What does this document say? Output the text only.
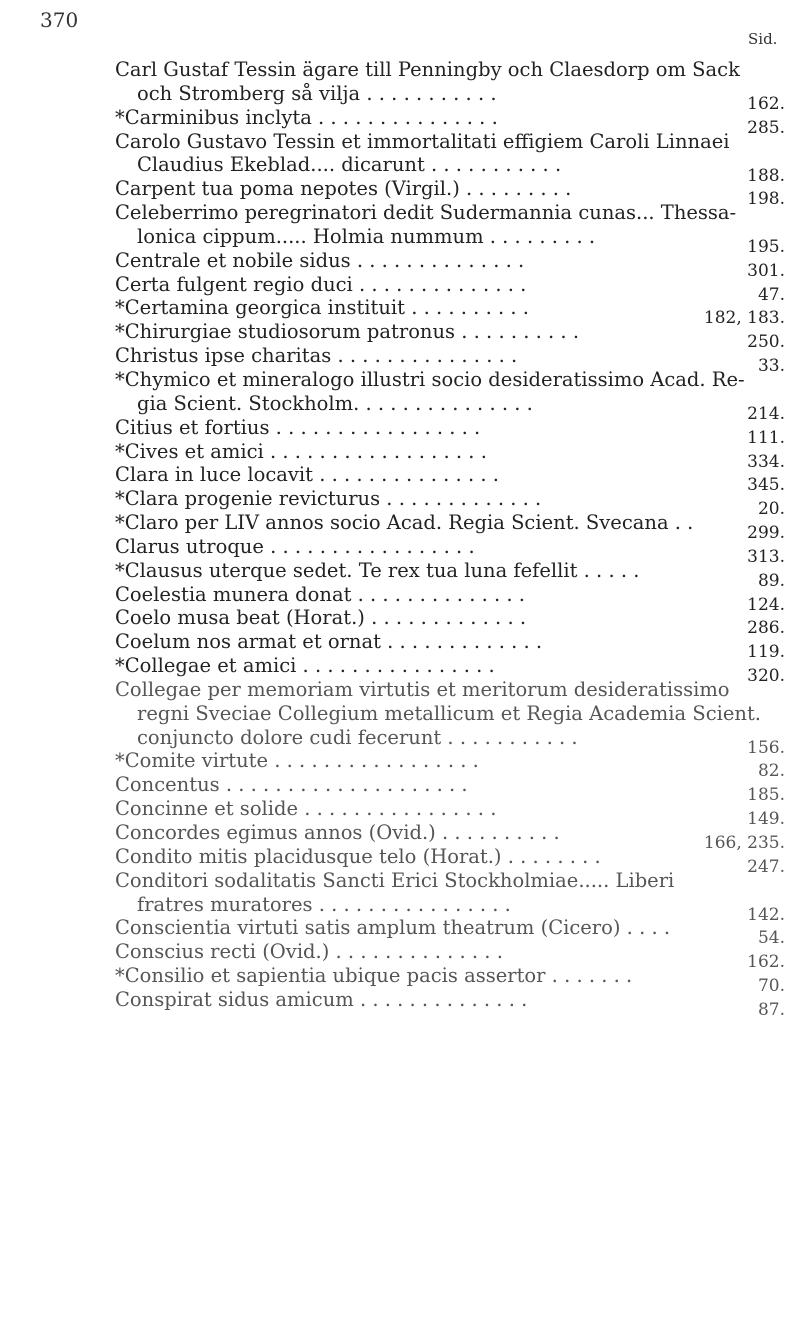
370
Sid.
Carl Gustaf Tessin ägare till Penningby och Claesdorp om Sack
och Stromberg så vilja . . . . . . . . . . .	162.
*Carminibus inclyta . . . . . . . . . . . . . . .	285.
Carolo Gustavo Tessin et immortalitati effigiem Caroli Linnaei
Claudius Ekeblad.... dicarunt . . . . . . . . . . .	188.
Carpent tua poma nepotes (Virgil.) . . . . . . . . .	198.
Celeberrimo peregrinatori dedit Sudermannia cunas... Thessa-
lonica cippum..... Holmia nummum . . . . . . . . .	195.
Centrale et nobile sidus . . . . . . . . . . . . . .	301.
Certa fulgent regio duci . . . . . . . . . . . . . .	47.
*Certamina georgica instituit . . . . . . . . . .	182, 183.
*Chirurgiae studiosorum patronus . . . . . . . . . .	250.
Christus ipse charitas . . . . . . . . . . . . . . .	33.
*Chymico et mineralogo illustri socio desideratissimo Acad. Re-
gia Scient. Stockholm. . . . . . . . . . . . . . .	214.
Citius et fortius . . . . . . . . . . . . . . . . .	111.
*Cives et amici . . . . . . . . . . . . . . . . . .	334.
Clara in luce locavit . . . . . . . . . . . . . . .	345.
*Clara progenie revicturus . . . . . . . . . . . . .	20.
*Claro per LIV annos socio Acad. Regia Scient. Svecana . .	299.
Clarus utroque . . . . . . . . . . . . . . . . .	313.
*Clausus uterque sedet. Te rex tua luna fefellit . . . . .	89.
Coelestia munera donat . . . . . . . . . . . . . .	124.
Coelo musa beat (Horat.) . . . . . . . . . . . . .	286.
Coelum nos armat et ornat . . . . . . . . . . . . .	119.
*Collegae et amici . . . . . . . . . . . . . . . .	320.
Collegae per memoriam virtutis et meritorum desideratissimo
regni Sveciae Collegium metallicum et Regia Academia Scient.
conjuncto dolore cudi fecerunt . . . . . . . . . . .	156.
*Comite virtute . . . . . . . . . . . . . . . . .	82.
Concentus . . . . . . . . . . . . . . . . . . . .	185.
Concinne et solide . . . . . . . . . . . . . . . .	149.
Concordes egimus annos (Ovid.) . . . . . . . . . .	166, 235.
Condito mitis placidusque telo (Horat.) . . . . . . . .	247.
Conditori sodalitatis Sancti Erici Stockholmiae..... Liberi
fratres muratores . . . . . . . . . . . . . . . .	142.
Conscientia virtuti satis amplum theatrum (Cicero) . . . .	54.
Conscius recti (Ovid.) . . . . . . . . . . . . . .	162.
*Consilio et sapientia ubique pacis assertor . . . . . . .	70.
Conspirat sidus amicum . . . . . . . . . . . . . .	87.
